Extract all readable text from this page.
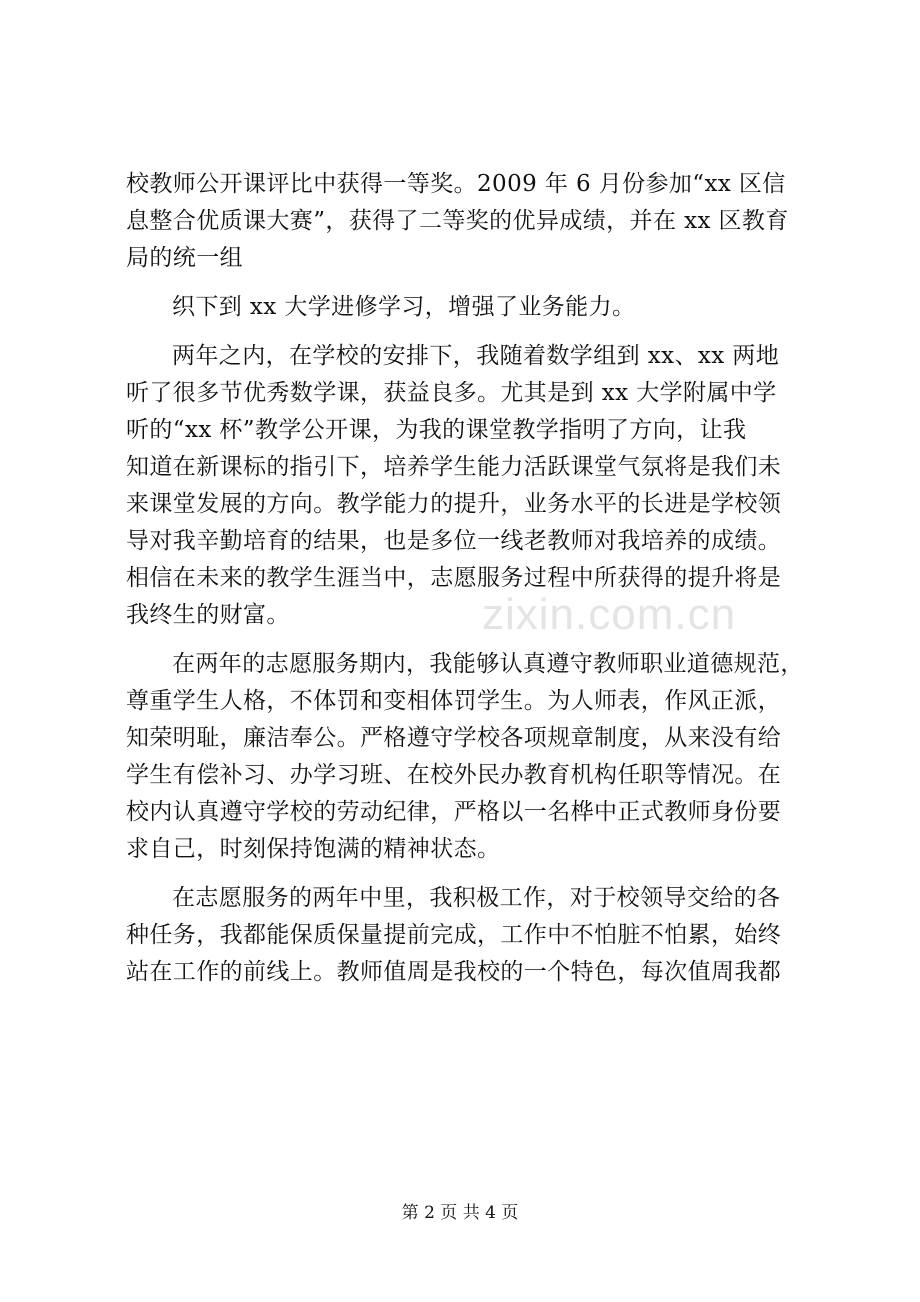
校教师公开课评比中获得一等奖。2009 年 6 月份参加“xx 区信
息整合优质课大赛”，获得了二等奖的优异成绩，并在 xx 区教育
局的统一组
织下到 xx 大学进修学习，增强了业务能力。
两年之内，在学校的安排下，我随着数学组到 xx、xx 两地
听了很多节优秀数学课，获益良多。尤其是到 xx 大学附属中学
听的“xx 杯”教学公开课，为我的课堂教学指明了方向，让我
知道在新课标的指引下，培养学生能力活跃课堂气氛将是我们未
来课堂发展的方向。教学能力的提升，业务水平的长进是学校领
导对我辛勤培育的结果，也是多位一线老教师对我培养的成绩。
相信在未来的教学生涯当中，志愿服务过程中所获得的提升将是
我终生的财富。
在两年的志愿服务期内，我能够认真遵守教师职业道德规范，
尊重学生人格，不体罚和变相体罚学生。为人师表，作风正派，
知荣明耻，廉洁奉公。严格遵守学校各项规章制度，从来没有给
学生有偿补习、办学习班、在校外民办教育机构任职等情况。在
校内认真遵守学校的劳动纪律，严格以一名桦中正式教师身份要
求自己，时刻保持饱满的精神状态。
在志愿服务的两年中里，我积极工作，对于校领导交给的各
种任务，我都能保质保量提前完成，工作中不怕脏不怕累，始终
站在工作的前线上。教师值周是我校的一个特色，每次值周我都
zixin.com.cn
第 2 页 共 4 页
